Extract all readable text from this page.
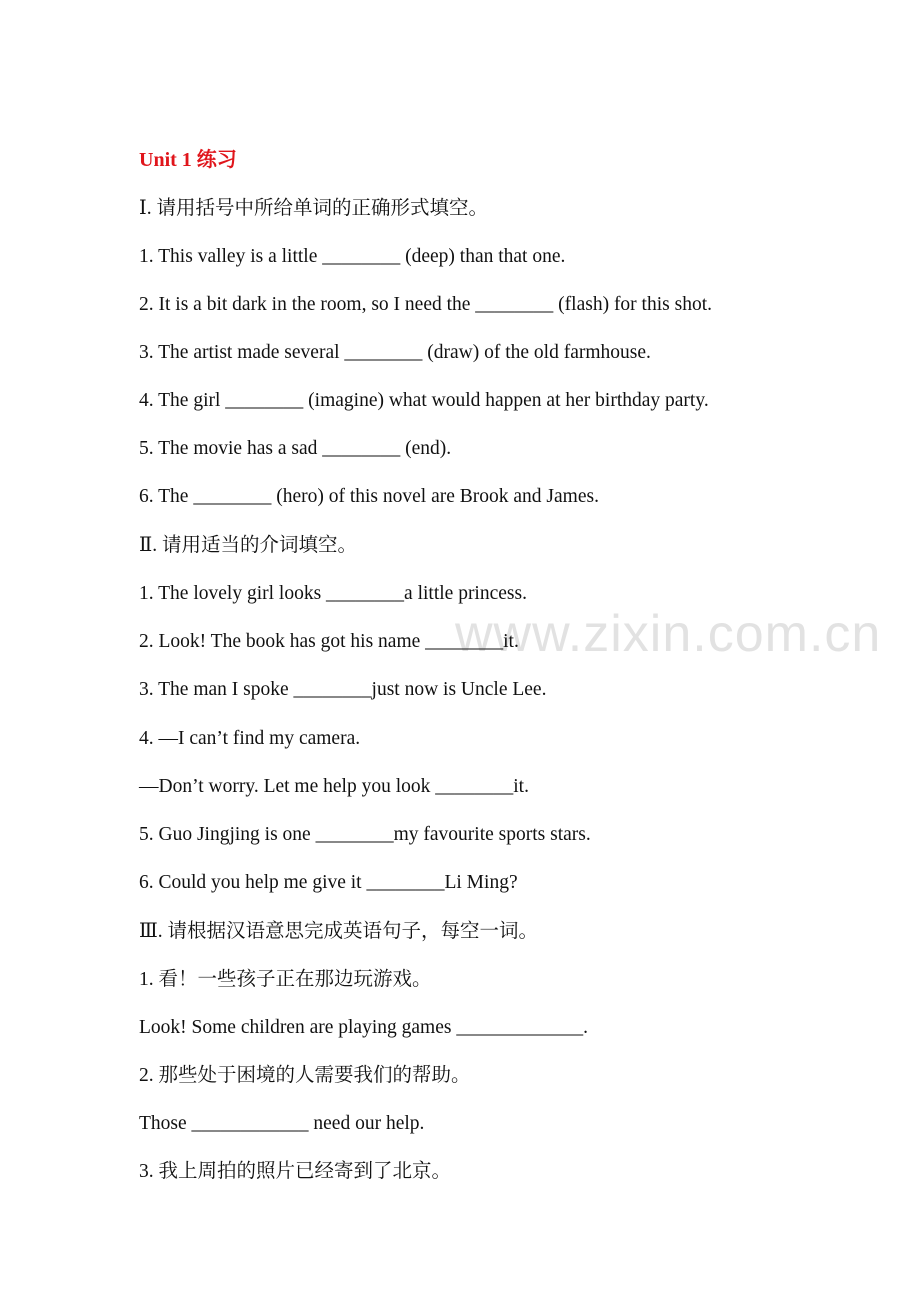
www.zixin.com.cn
Unit 1 练习
Ⅰ. 请用括号中所给单词的正确形式填空。
1. This valley is a little ________ (deep) than that one.
2. It is a bit dark in the room, so I need the ________ (flash) for this shot.
3. The artist made several ________ (draw) of the old farmhouse.
4. The girl ________ (imagine) what would happen at her birthday party.
5. The movie has a sad ________ (end).
6. The ________ (hero) of this novel are Brook and James.
Ⅱ. 请用适当的介词填空。
1. The lovely girl looks ________a little princess.
2. Look! The book has got his name ________it.
3. The man I spoke ________just now is Uncle Lee.
4. —I can’t find my camera.
—Don’t worry. Let me help you look ________it.
5. Guo Jingjing is one ________my favourite sports stars.
6. Could you help me give it ________Li Ming?
Ⅲ. 请根据汉语意思完成英语句子，每空一词。
1. 看！一些孩子正在那边玩游戏。
Look! Some children are playing games _____________.
2. 那些处于困境的人需要我们的帮助。
Those ____________ need our help.
3. 我上周拍的照片已经寄到了北京。
